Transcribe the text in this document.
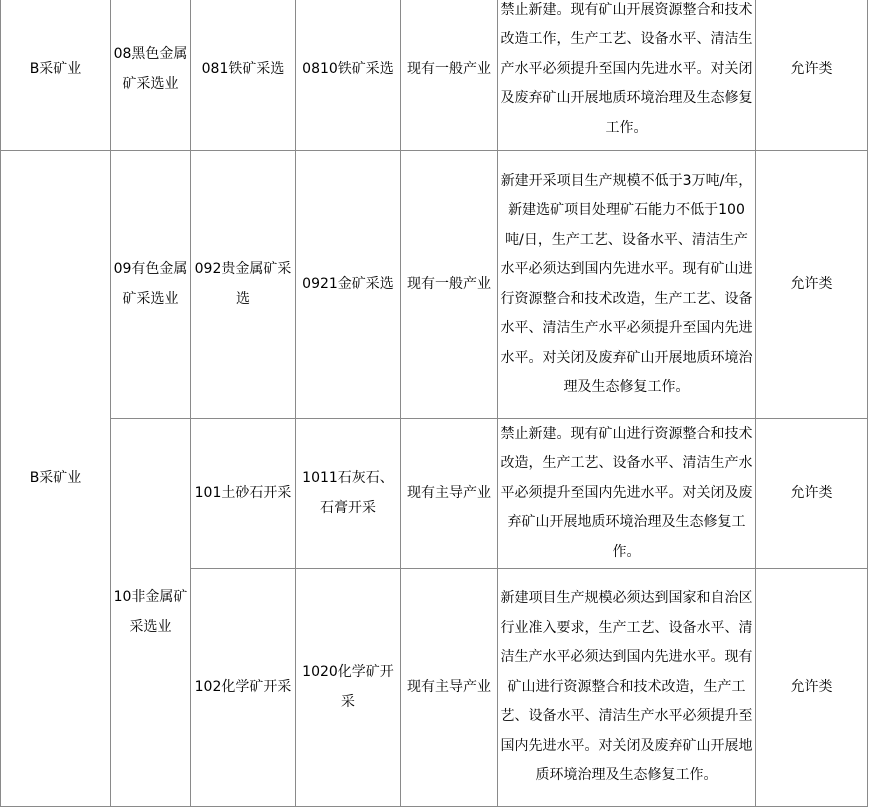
B采矿业	08黑色金属矿采选业	081铁矿采选	0810铁矿采选	现有一般产业	禁止新建。现有矿山开展资源整合和技术改造工作，生产工艺、设备水平、清洁生产水平必须提升至国内先进水平。对关闭及废弃矿山开展地质环境治理及生态修复工作。	允许类
B采矿业	09有色金属矿采选业	092贵金属矿采选	0921金矿采选	现有一般产业	新建开采项目生产规模不低于3万吨/年，新建选矿项目处理矿石能力不低于100吨/日，生产工艺、设备水平、清洁生产水平必须达到国内先进水平。现有矿山进行资源整合和技术改造，生产工艺、设备水平、清洁生产水平必须提升至国内先进水平。对关闭及废弃矿山开展地质环境治理及生态修复工作。	允许类
	10非金属矿采选业	101土砂石开采	1011石灰石、石膏开采	现有主导产业	禁止新建。现有矿山进行资源整合和技术改造，生产工艺、设备水平、清洁生产水平必须提升至国内先进水平。对关闭及废弃矿山开展地质环境治理及生态修复工作。	允许类
		102化学矿开采	1020化学矿开采	现有主导产业	新建项目生产规模必须达到国家和自治区行业准入要求，生产工艺、设备水平、清洁生产水平必须达到国内先进水平。现有矿山进行资源整合和技术改造，生产工艺、设备水平、清洁生产水平必须提升至国内先进水平。对关闭及废弃矿山开展地质环境治理及生态修复工作。	允许类
